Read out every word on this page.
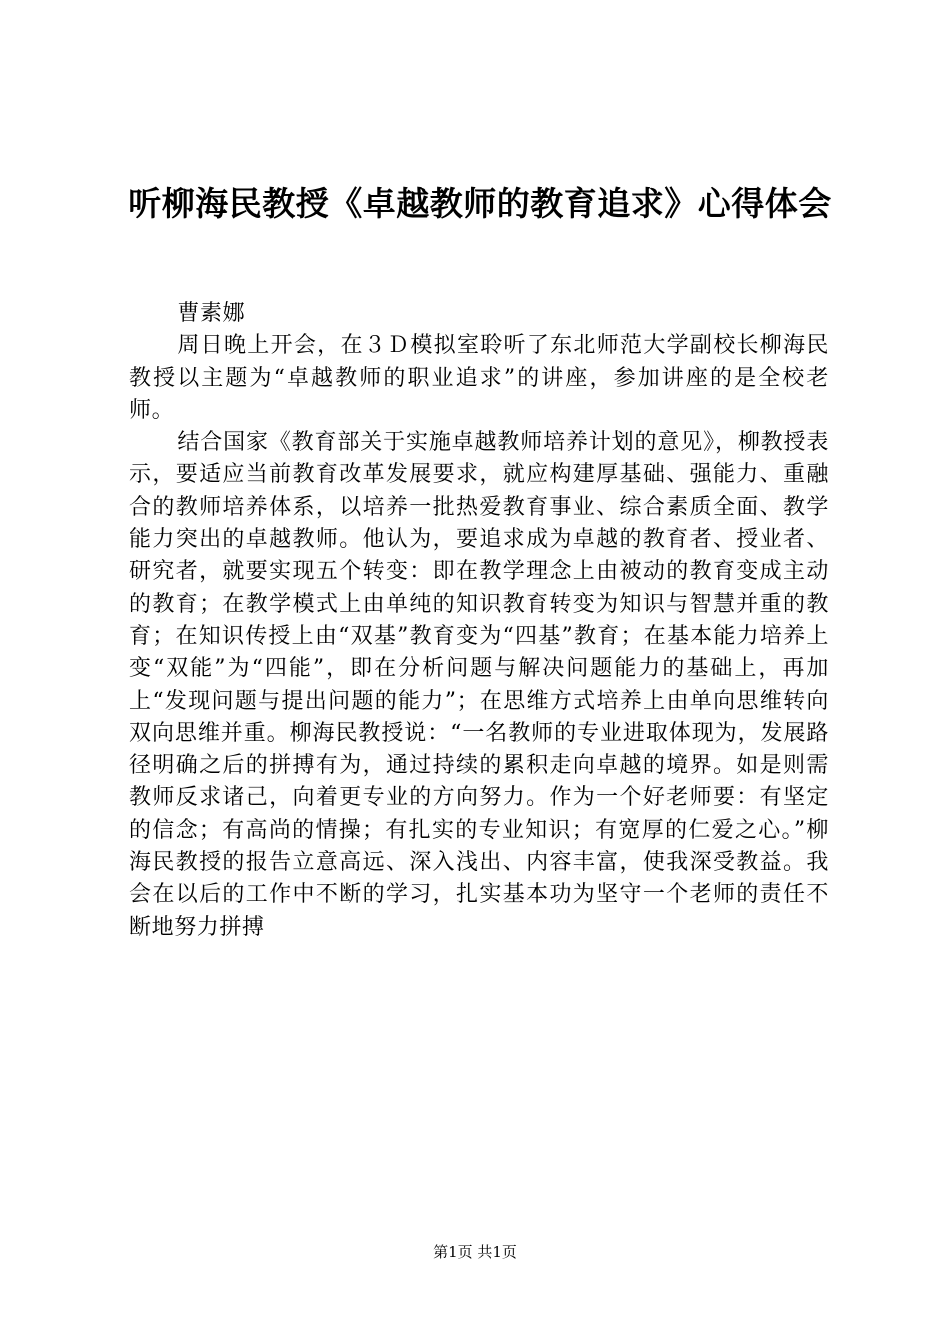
听柳海民教授《卓越教师的教育追求》心得体会

曹素娜

周日晚上开会，在３Ｄ模拟室聆听了东北师范大学副校长柳海民教授以主题为“卓越教师的职业追求”的讲座，参加讲座的是全校老师。

结合国家《教育部关于实施卓越教师培养计划的意见》，柳教授表示，要适应当前教育改革发展要求，就应构建厚基础、强能力、重融合的教师培养体系，以培养一批热爱教育事业、综合素质全面、教学能力突出的卓越教师。他认为，要追求成为卓越的教育者、授业者、研究者，就要实现五个转变：即在教学理念上由被动的教育变成主动的教育；在教学模式上由单纯的知识教育转变为知识与智慧并重的教育；在知识传授上由“双基”教育变为“四基”教育；在基本能力培养上变“双能”为“四能”，即在分析问题与解决问题能力的基础上，再加上“发现问题与提出问题的能力”；在思维方式培养上由单向思维转向双向思维并重。柳海民教授说：“一名教师的专业进取体现为，发展路径明确之后的拼搏有为，通过持续的累积走向卓越的境界。如是则需教师反求诸己，向着更专业的方向努力。作为一个好老师要：有坚定的信念；有高尚的情操；有扎实的专业知识；有宽厚的仁爱之心。”柳海民教授的报告立意高远、深入浅出、内容丰富，使我深受教益。我会在以后的工作中不断的学习，扎实基本功为坚守一个老师的责任不断地努力拼搏

第1页 共1页
